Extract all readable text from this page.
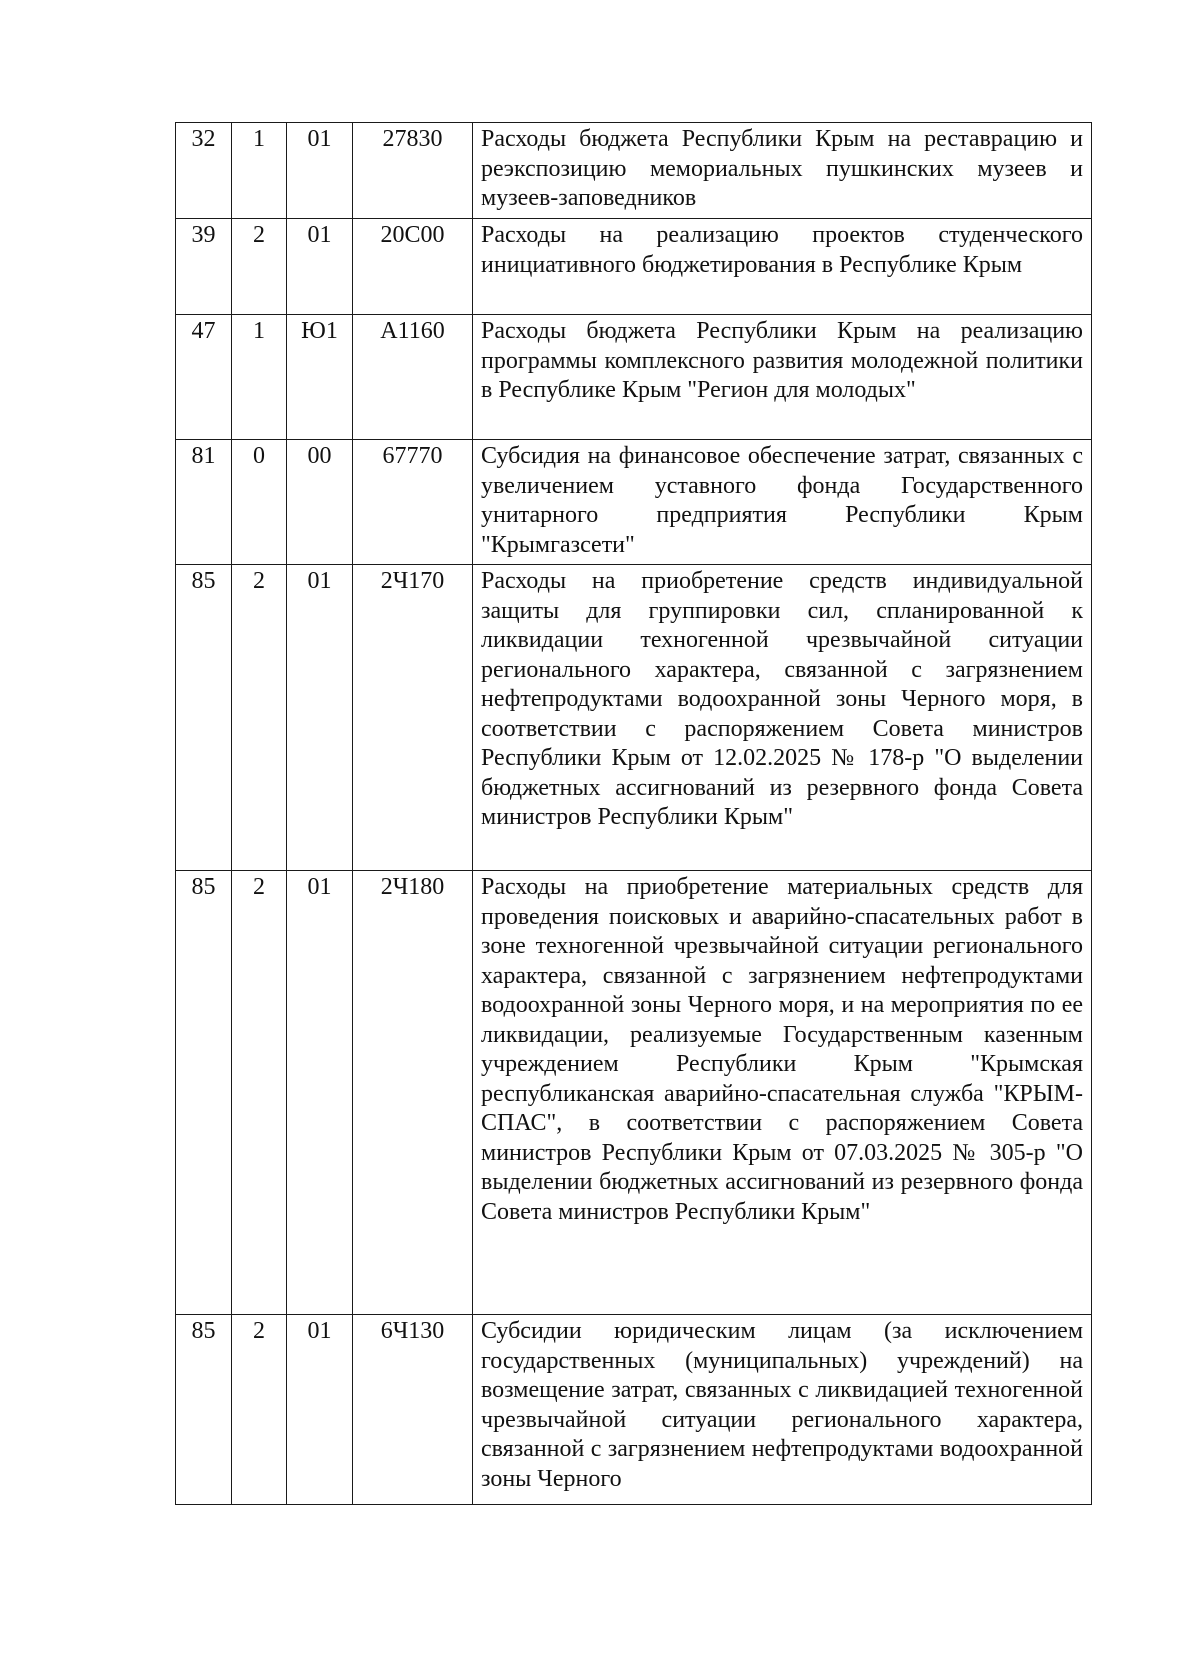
32	1	01	27830	Расходы бюджета Республики Крым на реставрацию и реэкспозицию мемориальных пушкинских музеев и музеев-заповедников
39	2	01	20С00	Расходы на реализацию проектов студенческого инициативного бюджетирования в Республике Крым
47	1	Ю1	А1160	Расходы бюджета Республики Крым на реализацию программы комплексного развития молодежной политики в Республике Крым "Регион для молодых"
81	0	00	67770	Субсидия на финансовое обеспечение затрат, связанных с увеличением уставного фонда Государственного унитарного предприятия Республики Крым "Крымгазсети"
85	2	01	2Ч170	Расходы на приобретение средств индивидуальной защиты для группировки сил, спланированной к ликвидации техногенной чрезвычайной ситуации регионального характера, связанной с загрязнением нефтепродуктами водоохранной зоны Черного моря, в соответствии с распоряжением Совета министров Республики Крым от 12.02.2025 № 178-р "О выделении бюджетных ассигнований из резервного фонда Совета министров Республики Крым"
85	2	01	2Ч180	Расходы на приобретение материальных средств для проведения поисковых и аварийно-спасательных работ в зоне техногенной чрезвычайной ситуации регионального характера, связанной с загрязнением нефтепродуктами водоохранной зоны Черного моря, и на мероприятия по ее ликвидации, реализуемые Государственным казенным учреждением Республики Крым "Крымская республиканская аварийно-спасательная служба "КРЫМ-СПАС", в соответствии с распоряжением Совета министров Республики Крым от 07.03.2025 № 305-р "О выделении бюджетных ассигнований из резервного фонда Совета министров Республики Крым"
85	2	01	6Ч130	Субсидии юридическим лицам (за исключением государственных (муниципальных) учреждений) на возмещение затрат, связанных с ликвидацией техногенной чрезвычайной ситуации регионального характера, связанной с загрязнением нефтепродуктами водоохранной зоны Черного
